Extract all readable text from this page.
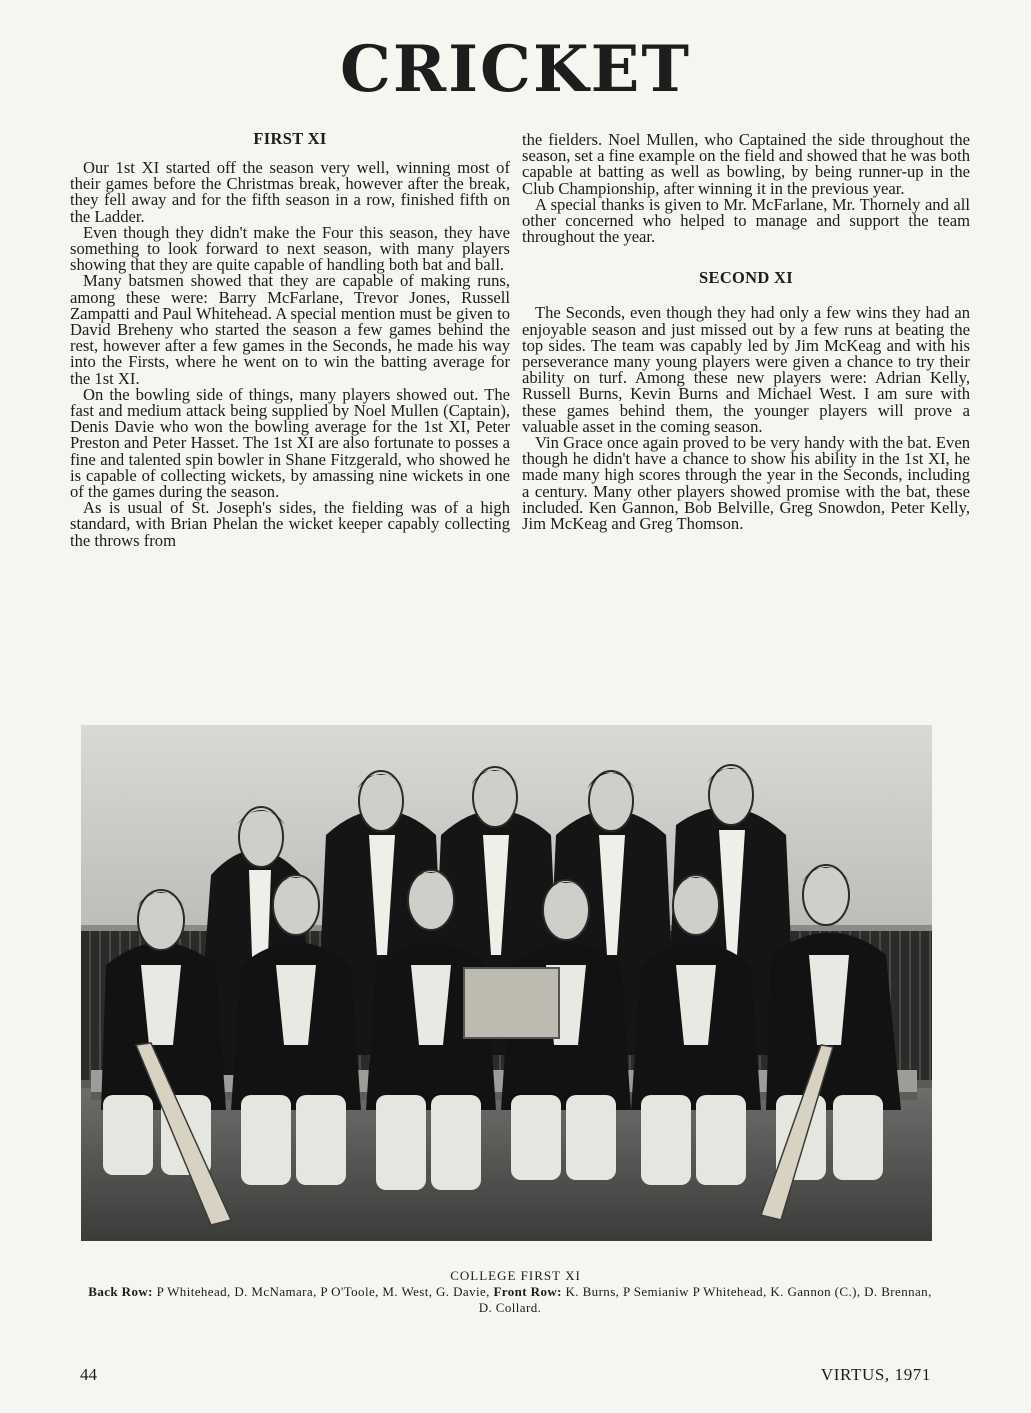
CRICKET
FIRST XI

Our 1st XI started off the season very well, winning most of their games before the Christmas break, however after the break, they fell away and for the fifth season in a row, finished fifth on the Ladder.

Even though they didn't make the Four this season, they have something to look forward to next season, with many players showing that they are quite capable of handling both bat and ball.

Many batsmen showed that they are capable of making runs, among these were: Barry McFarlane, Trevor Jones, Russell Zampatti and Paul Whitehead. A special mention must be given to David Breheny who started the season a few games behind the rest, however after a few games in the Seconds, he made his way into the Firsts, where he went on to win the batting average for the 1st XI.

On the bowling side of things, many players showed out. The fast and medium attack being supplied by Noel Mullen (Captain), Denis Davie who won the bowling average for the 1st XI, Peter Preston and Peter Hasset. The 1st XI are also fortunate to posses a fine and talented spin bowler in Shane Fitzgerald, who showed he is capable of collecting wickets, by amassing nine wickets in one of the games during the season.

As is usual of St. Joseph's sides, the fielding was of a high standard, with Brian Phelan the wicket keeper capably collecting the throws from

the fielders. Noel Mullen, who Captained the side throughout the season, set a fine example on the field and showed that he was both capable at batting as well as bowling, by being runner-up in the Club Championship, after winning it in the previous year.

A special thanks is given to Mr. McFarlane, Mr. Thornely and all other concerned who helped to manage and support the team throughout the year.

SECOND XI

The Seconds, even though they had only a few wins they had an enjoyable season and just missed out by a few runs at beating the top sides. The team was capably led by Jim McKeag and with his perseverance many young players were given a chance to try their ability on turf. Among these new players were: Adrian Kelly, Russell Burns, Kevin Burns and Michael West. I am sure with these games behind them, the younger players will prove a valuable asset in the coming season.

Vin Grace once again proved to be very handy with the bat. Even though he didn't have a chance to show his ability in the 1st XI, he made many high scores through the year in the Seconds, including a century. Many other players showed promise with the bat, these included. Ken Gannon, Bob Belville, Greg Snowdon, Peter Kelly, Jim McKeag and Greg Thomson.

COLLEGE FIRST XI

Back Row: P Whitehead, D. McNamara, P O'Toole, M. West, G. Davie, Front Row: K. Burns, P Semianiw P Whitehead, K. Gannon (C.), D. Brennan, D. Collard.

44	VIRTUS, 1971
